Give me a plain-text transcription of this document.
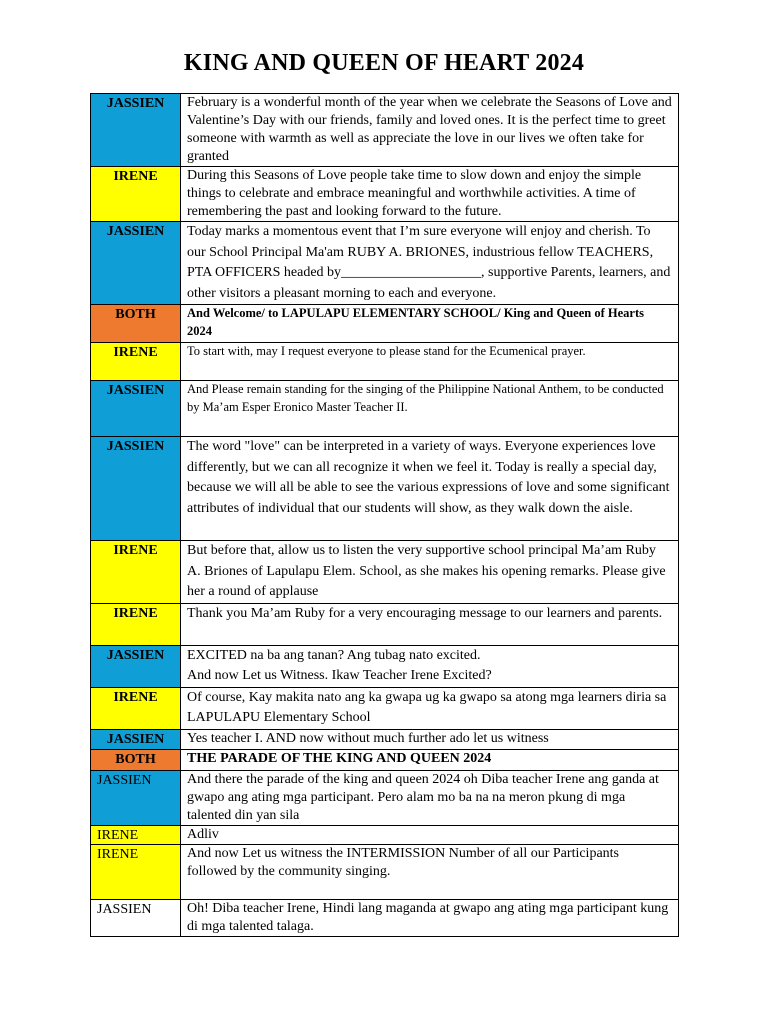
KING AND QUEEN OF HEART 2024
JASSIEN	February is a wonderful month of the year when we celebrate the Seasons of Love and Valentine’s Day with our friends, family and loved ones. It is the perfect time to greet someone with warmth as well as appreciate the love in our lives we often take for granted
IRENE	During this Seasons of Love people take time to slow down and enjoy the simple things to celebrate and embrace meaningful and worthwhile activities. A time of remembering the past and looking forward to the future.
JASSIEN	Today marks a momentous event that I’m sure everyone will enjoy and cherish. To our School Principal Ma'am RUBY A. BRIONES, industrious fellow TEACHERS, PTA OFFICERS headed by____________________, supportive Parents, learners, and other visitors a pleasant morning to each and everyone.
BOTH	And Welcome/ to LAPULAPU ELEMENTARY SCHOOL/ King and Queen of Hearts 2024
IRENE	To start with, may I request everyone to please stand for the Ecumenical prayer.
JASSIEN	And Please remain standing for the singing of the Philippine National Anthem, to be conducted by Ma’am Esper Eronico Master Teacher II.
JASSIEN	The word "love" can be interpreted in a variety of ways. Everyone experiences love differently, but we can all recognize it when we feel it. Today is really a special day, because we will all be able to see the various expressions of love and some significant attributes of individual that our students will show, as they walk down the aisle.
IRENE	But before that, allow us to listen the very supportive school principal Ma’am Ruby A. Briones of Lapulapu Elem. School, as she makes his opening remarks. Please give her a round of applause
IRENE	Thank you Ma’am Ruby for a very encouraging message to our learners and parents.
JASSIEN	EXCITED na ba ang tanan? Ang tubag nato excited.
And now Let us Witness. Ikaw Teacher Irene Excited?

IRENE	Of course, Kay makita nato ang ka gwapa ug ka gwapo sa atong mga learners diria sa LAPULAPU Elementary School
JASSIEN	Yes teacher I. AND now without much further ado let us witness
BOTH	THE PARADE OF THE KING AND QUEEN 2024
JASSIEN	And there the parade of the king and queen 2024 oh Diba teacher Irene ang ganda at gwapo ang ating mga participant. Pero alam mo ba na na meron pkung di mga talented din yan sila
IRENE	Adliv
IRENE	And now Let us witness the INTERMISSION Number of all our Participants followed by the community singing.
JASSIEN	Oh! Diba teacher Irene, Hindi lang maganda at gwapo ang ating mga participant kung di mga talented talaga.
